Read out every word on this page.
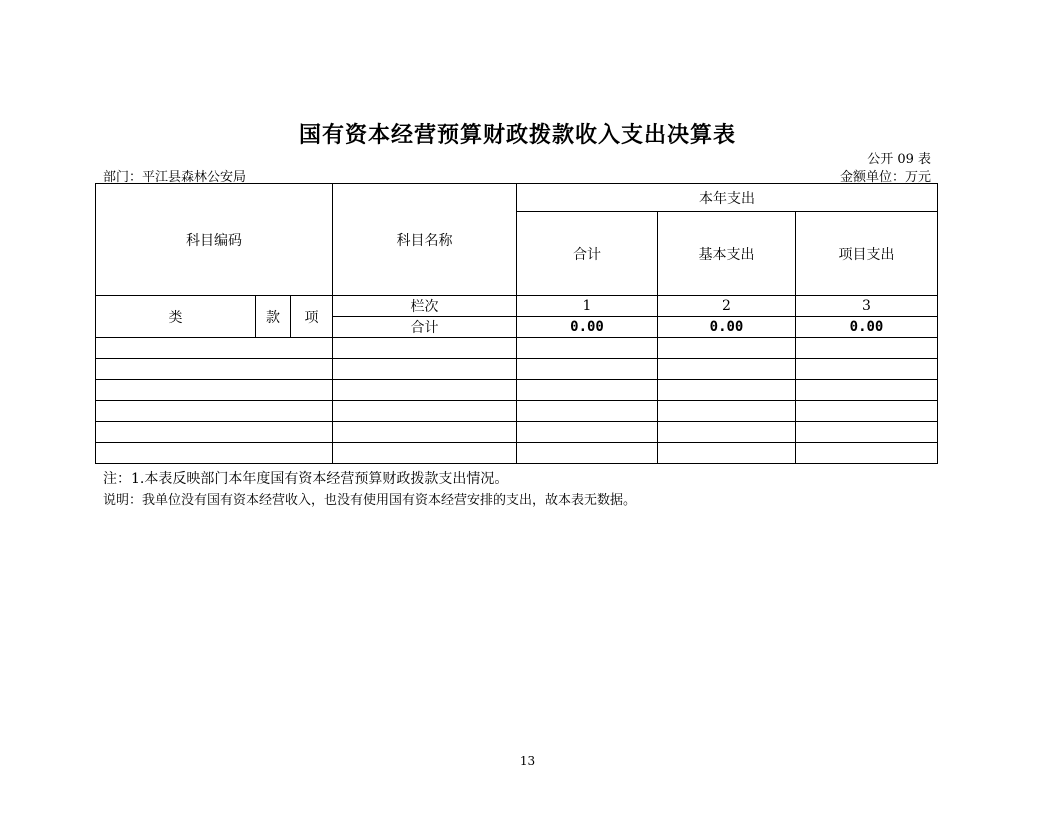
国有资本经营预算财政拨款收入支出决算表
公开 09 表
部门：平江县森林公安局	金额单位：万元
科目编码			科目名称	本年支出		
				合计	基本支出	项目支出
类	款	项	栏次	1	2	3
			合计	0.00	0.00	0.00

注：1.本表反映部门本年度国有资本经营预算财政拨款支出情况。
说明：我单位没有国有资本经营收入，也没有使用国有资本经营安排的支出，故本表无数据。
13
